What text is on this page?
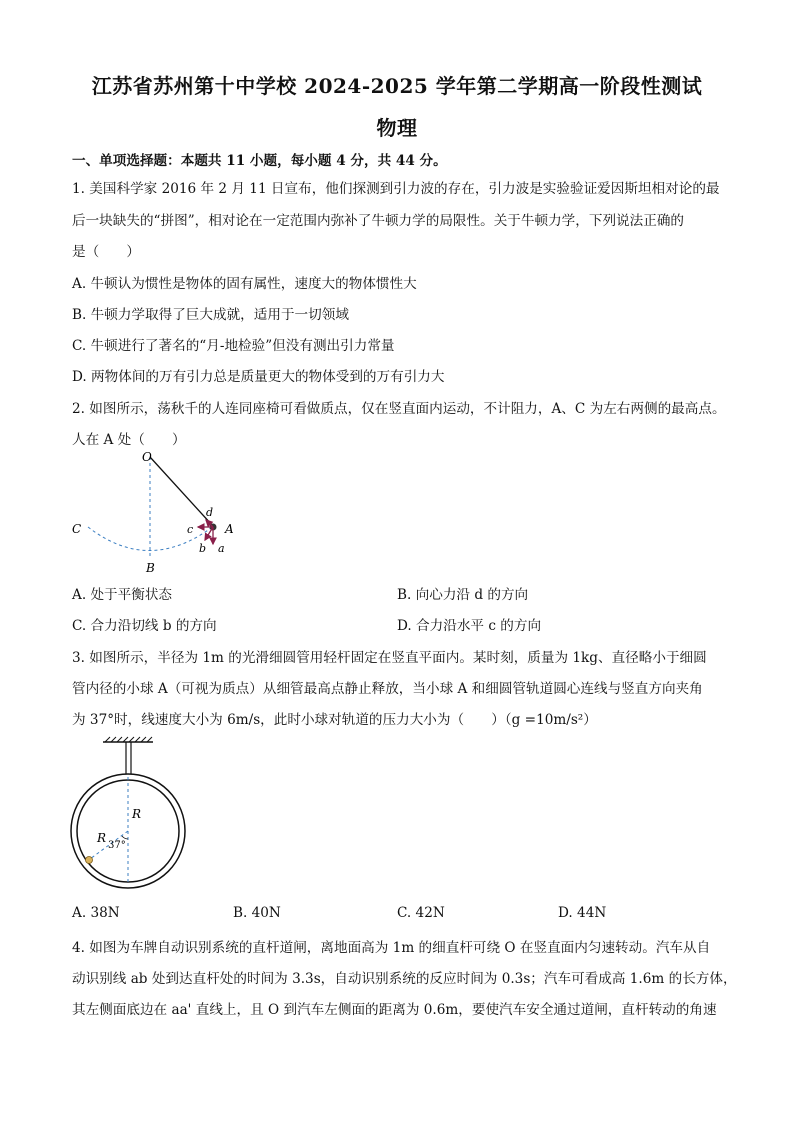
江苏省苏州第十中学校 2024-2025 学年第二学期高一阶段性测试
物理
一、单项选择题：本题共 11 小题，每小题 4 分，共 44 分。
1. 美国科学家 2016 年 2 月 11 日宣布，他们探测到引力波的存在，引力波是实验验证爱因斯坦相对论的最
后一块缺失的“拼图”，相对论在一定范围内弥补了牛顿力学的局限性。关于牛顿力学，下列说法正确的
是（　　）
A. 牛顿认为惯性是物体的固有属性，速度大的物体惯性大
B. 牛顿力学取得了巨大成就，适用于一切领域
C. 牛顿进行了著名的“月-地检验”但没有测出引力常量
D. 两物体间的万有引力总是质量更大的物体受到的万有引力大
2. 如图所示，荡秋千的人连同座椅可看做质点，仅在竖直面内运动，不计阻力，A、C 为左右两侧的最高点。
人在 A 处（　　）
O
C
B
A
d
c
b a
A. 处于平衡状态	B. 向心力沿 d 的方向
C. 合力沿切线 b 的方向	D. 合力沿水平 c 的方向
3. 如图所示，半径为 1m 的光滑细圆管用轻杆固定在竖直平面内。某时刻，质量为 1kg、直径略小于细圆
管内径的小球 A（可视为质点）从细管最高点静止释放，当小球 A 和细圆管轨道圆心连线与竖直方向夹角
为 37°时，线速度大小为 6m/s，此时小球对轨道的压力大小为（　　）（g =10m/s²）
R
R
37°
A. 38N	B. 40N	C. 42N	D. 44N
4. 如图为车牌自动识别系统的直杆道闸，离地面高为 1m 的细直杆可绕 O 在竖直面内匀速转动。汽车从自
动识别线 ab 处到达直杆处的时间为 3.3s，自动识别系统的反应时间为 0.3s；汽车可看成高 1.6m 的长方体，
其左侧面底边在 aa' 直线上，且 O 到汽车左侧面的距离为 0.6m，要使汽车安全通过道闸，直杆转动的角速
